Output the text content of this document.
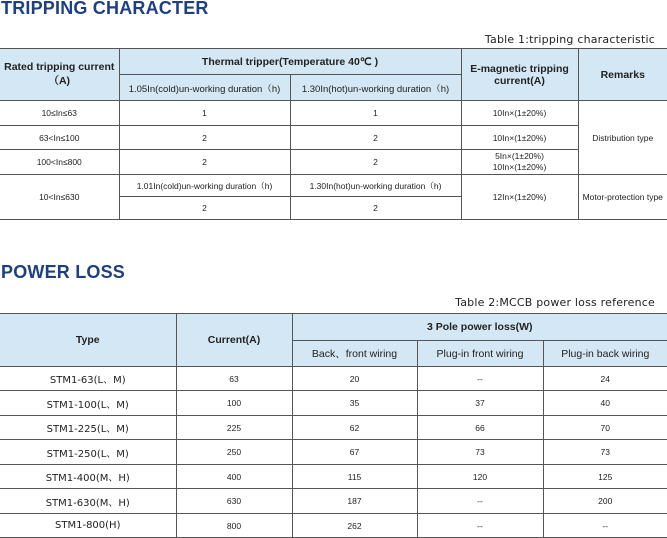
TRIPPING CHARACTER
Table 1:tripping characteristic
Rated tripping current（A)	Thermal tripper(Temperature 40℃ )		E-magnetic tripping current(A)	Remarks
	1.05In(cold)un-working duration（h)	1.30In(hot)un-working duration（h)		
10≤In≤63	1	1	10In×(1±20%)	Distribution type
63<In≤100	2	2	10In×(1±20%)	
100<In≤800	2	2	5In×(1±20%)
10In×(1±20%)	
10<In≤630	1.01In(cold)un-working duration（h)	1.30In(hot)un-working duration（h)	12In×(1±20%)	Motor-protection type
	2	2		
POWER LOSS
Table 2:MCCB power loss reference
Type	Current(A)	3 Pole power loss(W)		
		Back、front wiring	Plug-in front wiring	Plug-in back wiring
STM1-63(L、M)	63	20	--	24
STM1-100(L、M)	100	35	37	40
STM1-225(L、M)	225	62	66	70
STM1-250(L、M)	250	67	73	73
STM1-400(M、H)	400	115	120	125
STM1-630(M、H)	630	187	--	200
STM1-800(H)	800	262	--	--
